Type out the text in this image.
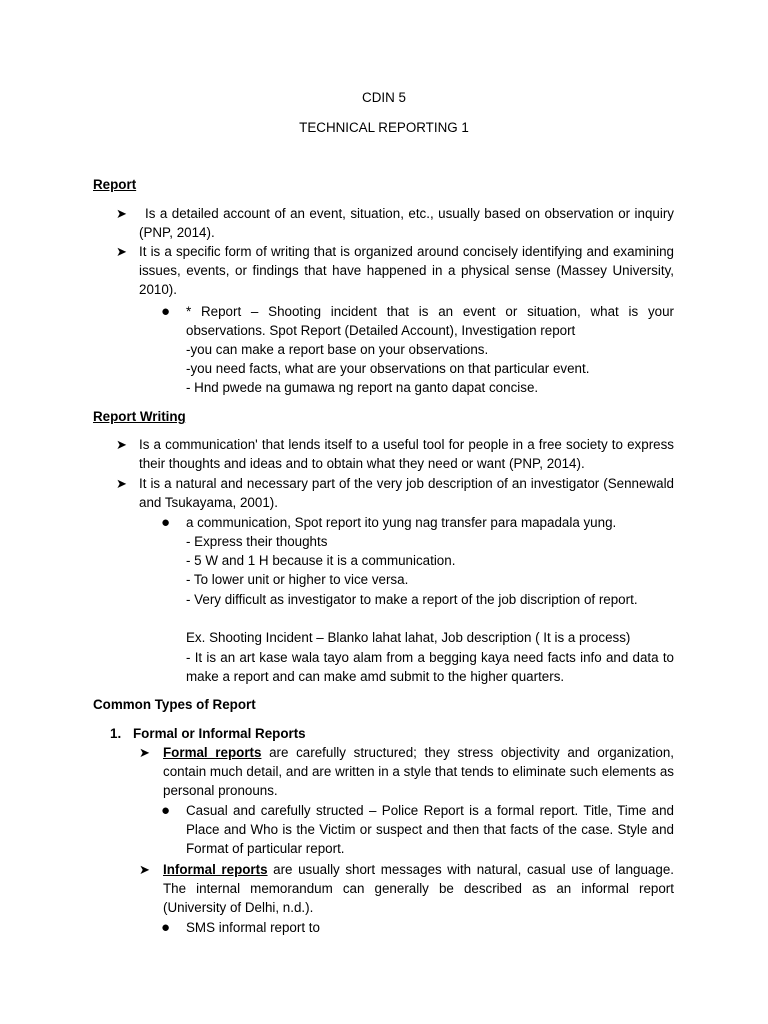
CDIN 5
TECHNICAL REPORTING 1
Report
➤	Is a detailed account of an event, situation, etc., usually based on observation or inquiry (PNP, 2014).
➤ It is a specific form of writing that is organized around concisely identifying and examining issues, events, or findings that have happened in a physical sense (Massey University, 2010).
● * Report – Shooting incident that is an event or situation, what is your observations. Spot Report (Detailed Account), Investigation report
-you can make a report base on your observations.
-you need facts, what are your observations on that particular event.
- Hnd pwede na gumawa ng report na ganto dapat concise.
Report Writing
➤ Is a communication' that lends itself to a useful tool for people in a free society to express their thoughts and ideas and to obtain what they need or want (PNP, 2014).
➤ It is a natural and necessary part of the very job description of an investigator (Sennewald and Tsukayama, 2001).
● a communication, Spot report ito yung nag transfer para mapadala yung.
- Express their thoughts
- 5 W and 1 H because it is a communication.
- To lower unit or higher to vice versa.
- Very difficult as investigator to make a report of the job discription of report.
Ex. Shooting Incident – Blanko lahat lahat, Job description ( It is a process)
- It is an art kase wala tayo alam from a begging kaya need facts info and data to make a report and can make amd submit to the higher quarters.
Common Types of Report
1. Formal or Informal Reports
➤ Formal reports are carefully structured; they stress objectivity and organization, contain much detail, and are written in a style that tends to eliminate such elements as personal pronouns.
● Casual and carefully structed – Police Report is a formal report. Title, Time and Place and Who is the Victim or suspect and then that facts of the case. Style and Format of particular report.
➤ Informal reports are usually short messages with natural, casual use of language. The internal memorandum can generally be described as an informal report (University of Delhi, n.d.).
● SMS informal report to
